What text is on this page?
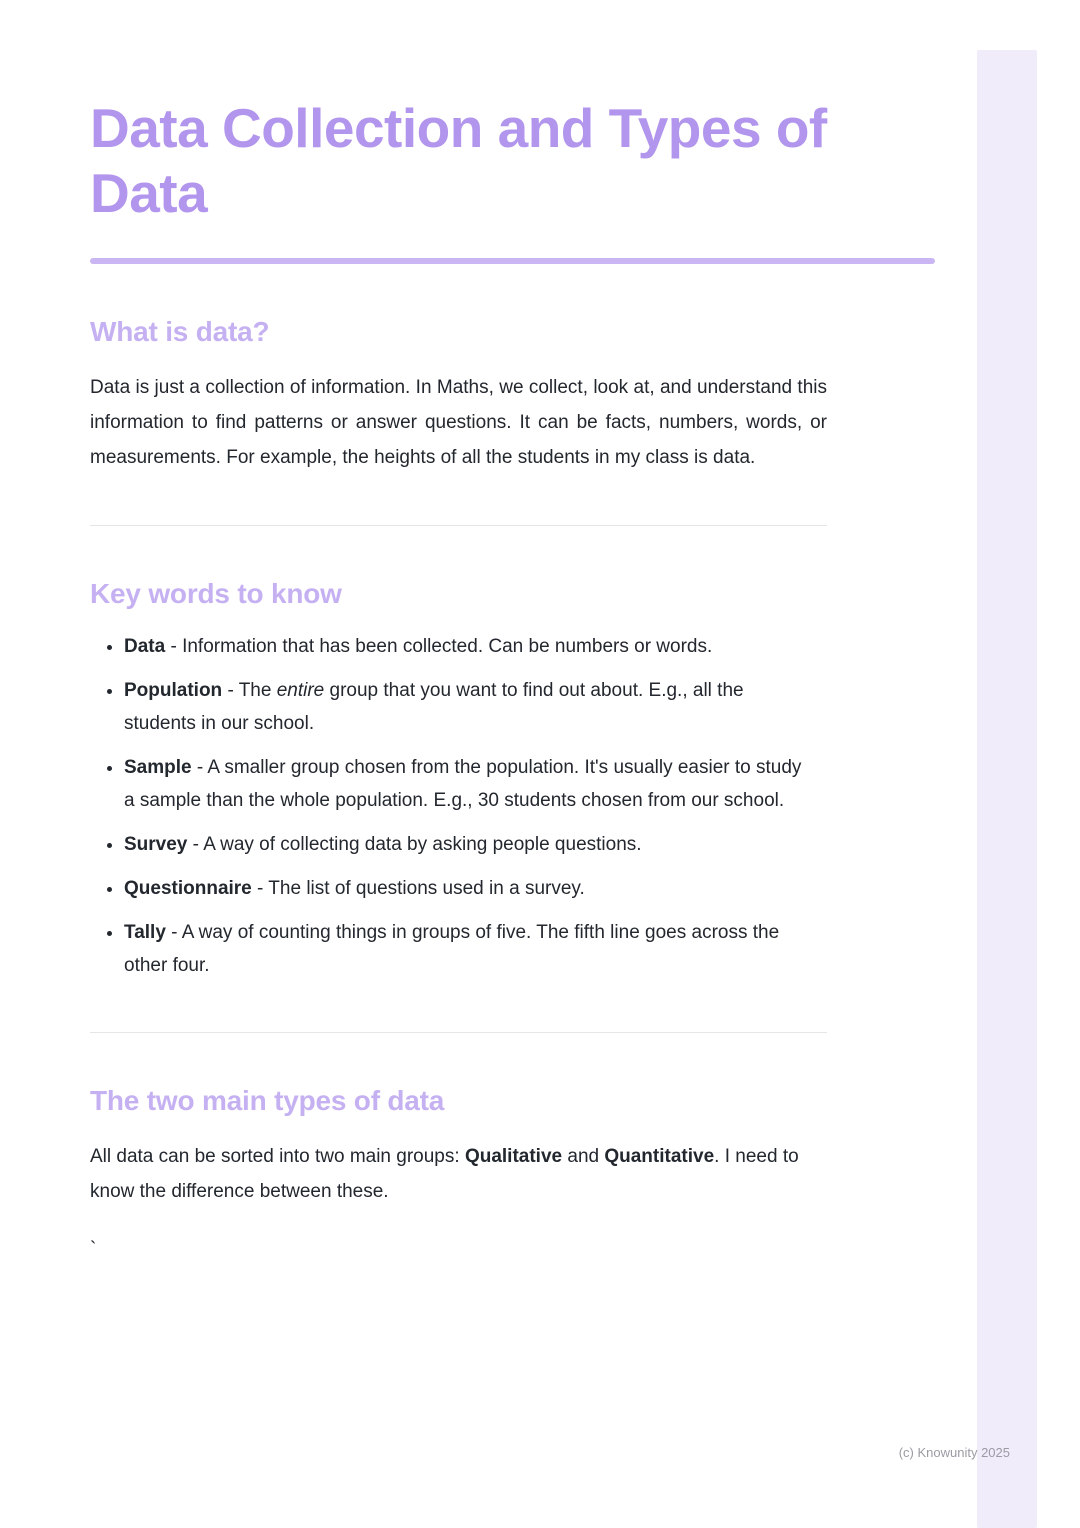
Data Collection and Types of Data
What is data?

Data is just a collection of information. In Maths, we collect, look at, and understand this information to find patterns or answer questions. It can be facts, numbers, words, or measurements. For example, the heights of all the students in my class is data.

Key words to know
• Data - Information that has been collected. Can be numbers or words.
• Population - The entire group that you want to find out about. E.g., all the students in our school.
• Sample - A smaller group chosen from the population. It's usually easier to study a sample than the whole population. E.g., 30 students chosen from our school.
• Survey - A way of collecting data by asking people questions.
• Questionnaire - The list of questions used in a survey.
• Tally - A way of counting things in groups of five. The fifth line goes across the other four.
The two main types of data

All data can be sorted into two main groups: Qualitative and Quantitative. I need to know the difference between these.

`

(c) Knowunity 2025
